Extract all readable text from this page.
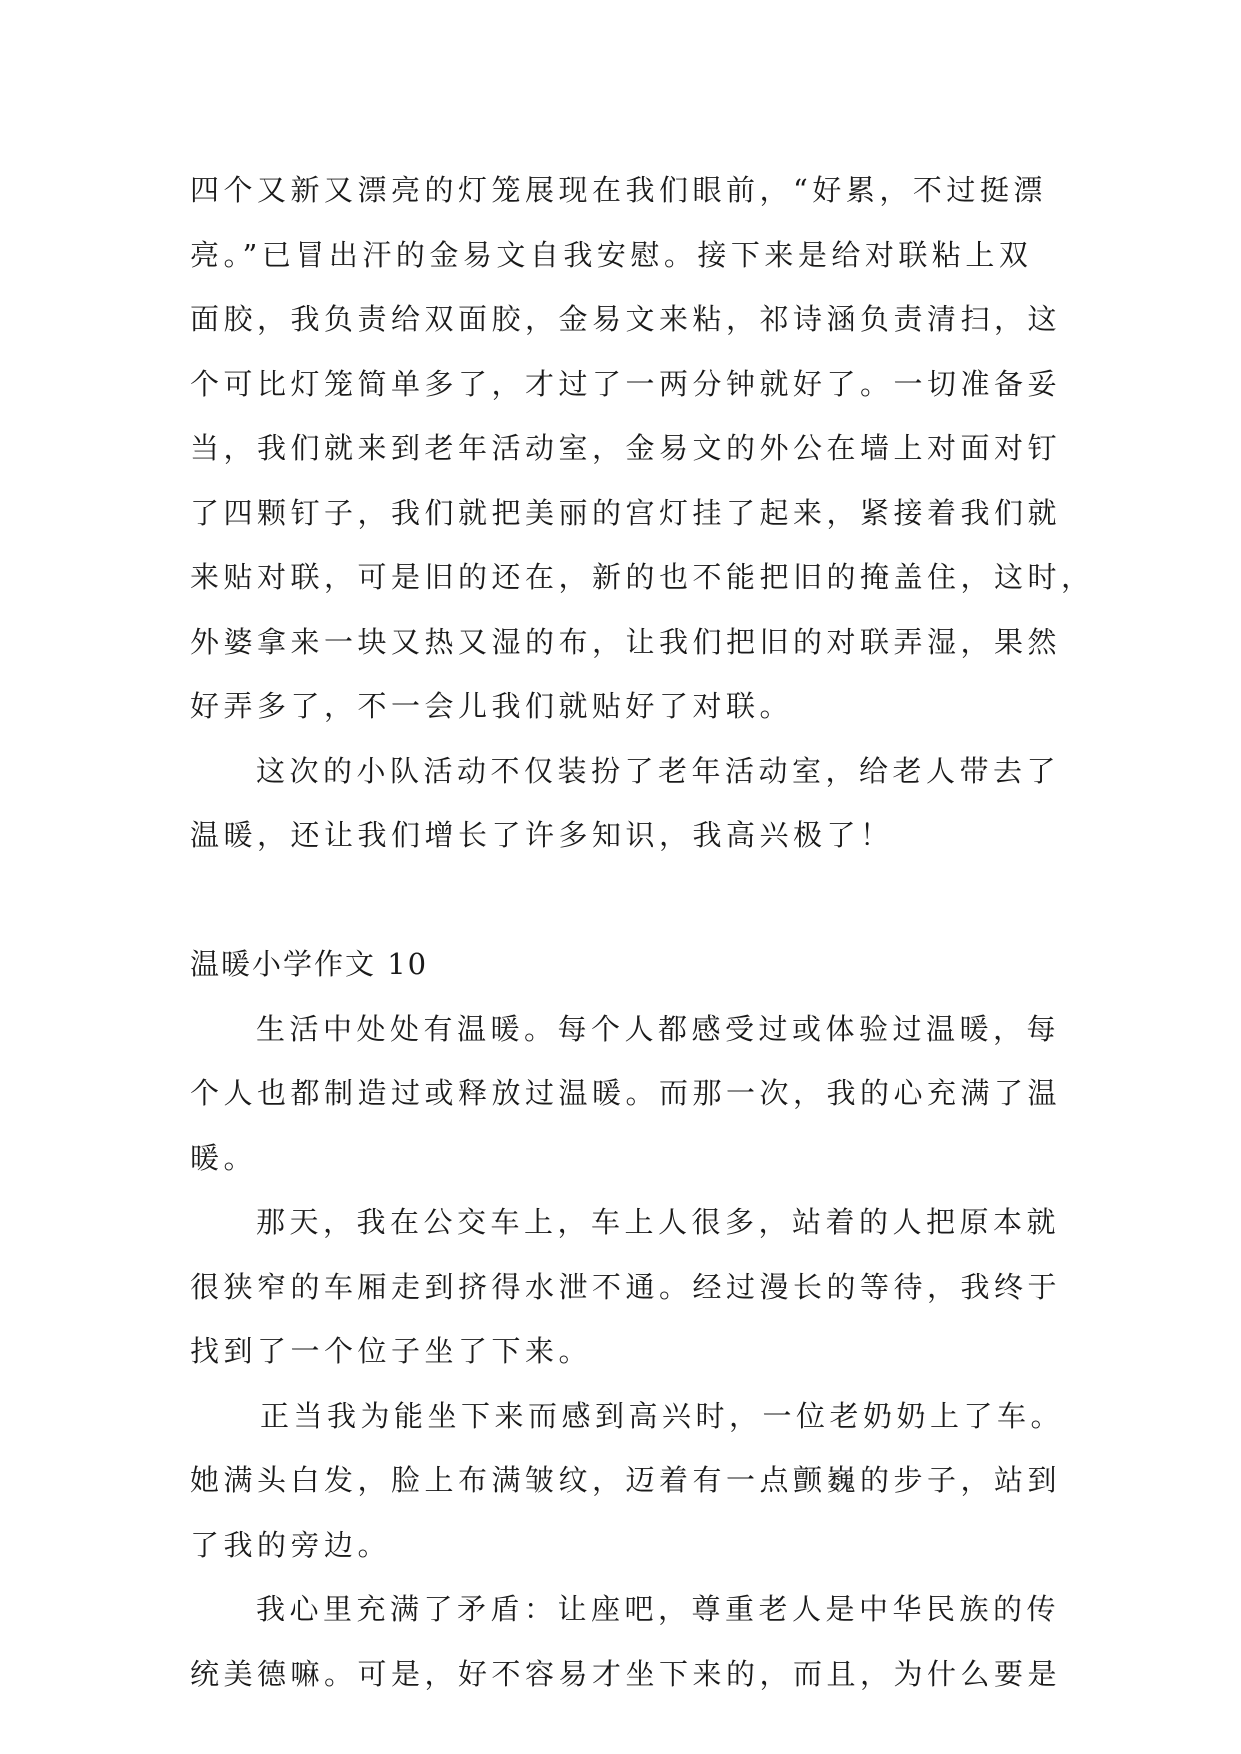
四个又新又漂亮的灯笼展现在我们眼前，“好累，不过挺漂
亮。”已冒出汗的金易文自我安慰。接下来是给对联粘上双
面胶，我负责给双面胶，金易文来粘，祁诗涵负责清扫，这
个可比灯笼简单多了，才过了一两分钟就好了。一切准备妥
当，我们就来到老年活动室，金易文的外公在墙上对面对钉
了四颗钉子，我们就把美丽的宫灯挂了起来，紧接着我们就
来贴对联，可是旧的还在，新的也不能把旧的掩盖住，这时，
外婆拿来一块又热又湿的布，让我们把旧的对联弄湿，果然
好弄多了，不一会儿我们就贴好了对联。
这次的小队活动不仅装扮了老年活动室，给老人带去了
温暖，还让我们增长了许多知识，我高兴极了！
温暖小学作文 10
生活中处处有温暖。每个人都感受过或体验过温暖，每
个人也都制造过或释放过温暖。而那一次，我的心充满了温
暖。
那天，我在公交车上，车上人很多，站着的人把原本就
很狭窄的车厢走到挤得水泄不通。经过漫长的等待，我终于
找到了一个位子坐了下来。
正当我为能坐下来而感到高兴时，一位老奶奶上了车。
她满头白发，脸上布满皱纹，迈着有一点颤巍的步子，站到
了我的旁边。
我心里充满了矛盾：让座吧，尊重老人是中华民族的传
统美德嘛。可是，好不容易才坐下来的，而且，为什么要是
